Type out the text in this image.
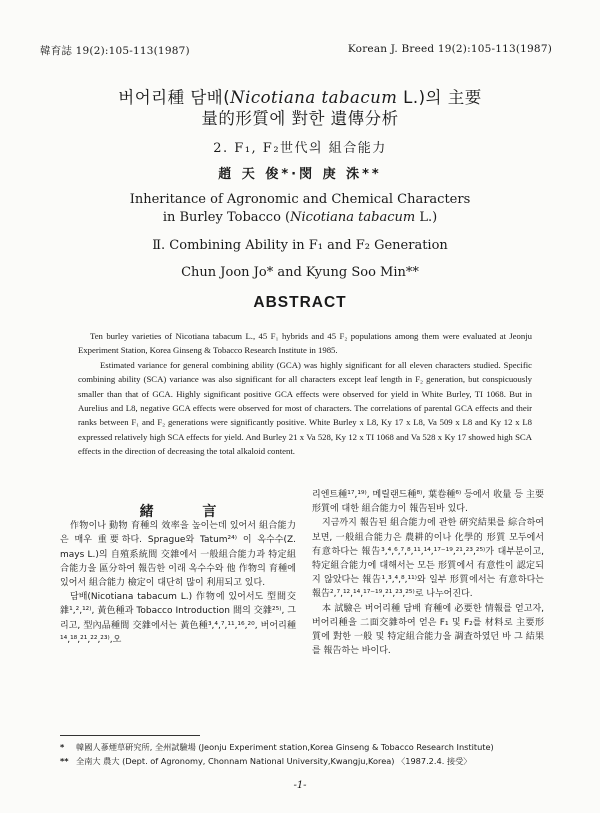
韓育誌 19(2):105-113(1987)	Korean J. Breed 19(2):105-113(1987)
버어리種 담배(Nicotiana tabacum L.)의 主要
量的形質에 對한 遺傳分析
2. F₁, F₂世代의 組合能力
趙 天 俊*·閔 庚 洙**
Inheritance of Agronomic and Chemical Characters
in Burley Tobacco (Nicotiana tabacum L.)
Ⅱ. Combining Ability in F₁ and F₂ Generation
Chun Joon Jo* and Kyung Soo Min**
ABSTRACT

Ten burley varieties of Nicotiana tabacum L., 45 F₁ hybrids and 45 F₂ populations among them were evaluated at Jeonju Experiment Station, Korea Ginseng & Tobacco Research Institute in 1985.

Estimated variance for general combining ability (GCA) was highly significant for all eleven characters studied. Specific combining ability (SCA) variance was also significant for all characters except leaf length in F₂ generation, but conspicuously smaller than that of GCA. Highly significant positive GCA effects were observed for yield in White Burley, TI 1068. But in Aurelius and L8, negative GCA effects were observed for most of characters. The correlations of parental GCA effects and their ranks between F₁ and F₂ generations were significantly positive. White Burley x L8, Ky 17 x L8, Va 509 x L8 and Ky 12 x L8 expressed relatively high SCA effects for yield. And Burley 21 x Va 528, Ky 12 x TI 1068 and Va 528 x Ky 17 showed high SCA effects in the direction of decreasing the total alkaloid content.

緒 言

作物이나 動物 育種의 效率을 높이는데 있어서 組合能力은 매우 重要하다. Sprague와 Tatum²⁴⁾ 이 옥수수(Z. mays L.)의 自殖系統間 交雜에서 一般組合能力과 特定組合能力을 區分하여 報告한 이래 옥수수와 他 作物의 育種에 있어서 組合能力 檢定이 대단히 많이 利用되고 있다.

담배(Nicotiana tabacum L.) 作物에 있어서도 型間交雜¹,²,¹²⁾, 黃色種과 Tobacco Introduction 間의 交雜²⁵⁾, 그리고, 型內品種間 交雜에서는 黃色種³,⁴,⁷,¹¹,¹⁶,²⁰, 버어리種¹⁴,¹⁸,²¹,²²,²³⁾,오

리엔트種¹⁷,¹⁹⁾, 메릴랜드種⁸⁾, 葉卷種⁶⁾ 등에서 收量 등 主要 形質에 대한 組合能力이 報告된바 있다.

지금까지 報告된 組合能力에 관한 硏究結果를 綜合하여 보면, 一般組合能力은 農耕的이나 化學的 形質 모두에서 有意하다는 報告³,⁴,⁶,⁷,⁸,¹¹,¹⁴,¹⁷⁻¹⁹,²¹,²³,²⁵⁾가 대부분이고, 特定組合能力에 대해서는 모든 形質에서 有意性이 認定되지 않았다는 報告¹,³,⁴,⁸,¹¹⁾와 일부 形質에서는 有意하다는 報告²,⁷,¹²,¹⁴,¹⁷⁻¹⁹,²¹,²³,²⁵⁾로 나누어진다.

本 試驗은 버어리種 담배 育種에 必要한 情報를 얻고자, 버어리種을 二面交雜하여 얻은 F₁ 및 F₂를 材料로 主要形質에 對한 一般 및 特定組合能力을 調査하였던 바 그 結果를 報告하는 바이다.

* 韓國人蔘煙草硏究所, 全州試驗場 (Jeonju Experiment station,Korea Ginseng & Tobacco Research Institute)
** 全南大 農大 (Dept. of Agronomy, Chonnam National University,Kwangju,Korea) 〈1987.2.4. 接受〉
-1-
